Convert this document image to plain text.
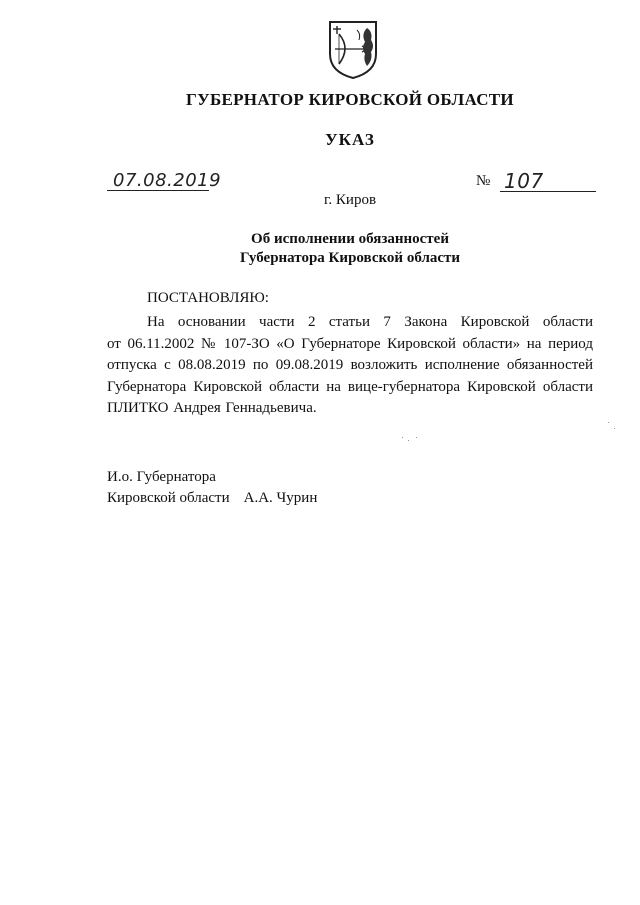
ГУБЕРНАТОР КИРОВСКОЙ ОБЛАСТИ
УКАЗ
07.08.2019	№ 107
г. Киров
Об исполнении обязанностей
Губернатора Кировской области
ПОСТАНОВЛЯЮ:
На основании части 2 статьи 7 Закона Кировской области
от 06.11.2002 № 107-ЗО «О Губернаторе Кировской области» на период
отпуска с 08.08.2019 по 09.08.2019 возложить исполнение обязанностей
Губернатора Кировской области на вице-губернатора Кировской области
ПЛИТКО Андрея Геннадьевича.
И.о. Губернатора
Кировской области А.А. Чурин
